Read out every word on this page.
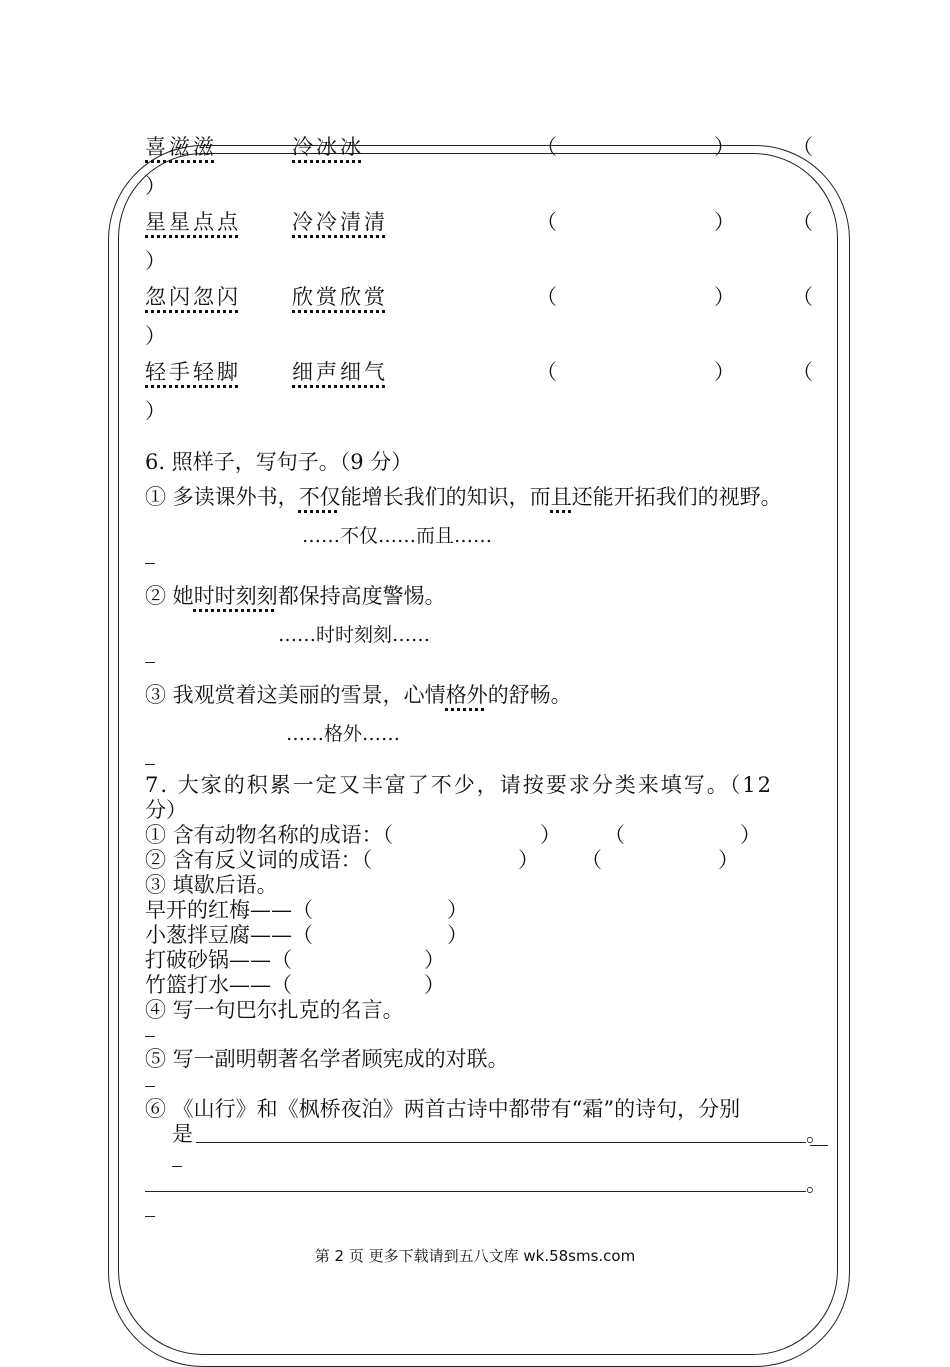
喜滋滋	冷冰冰	（	）	（
）
星星点点 冷冷清清	（	）	（
）
忽闪忽闪 欣赏欣赏	（	）	（
）
轻手轻脚 细声细气	（	）	（
）
6. 照样子，写句子。（9 分）
① 多读课外书，不仅能增长我们的知识，而且还能开拓我们的视野。
……不仅……而且……
② 她时时刻刻都保持高度警惕。
……时时刻刻……
③ 我观赏着这美丽的雪景，心情格外的舒畅。
……格外……
7. 大家的积累一定又丰富了不少，请按要求分类来填写。（12
分）
① 含有动物名称的成语：（	） （	）
② 含有反义词的成语：（	） （	）
③ 填歇后语。
早开的红梅——（	）
小葱拌豆腐——（	）
打破砂锅——（	）
竹篮打水——（	）
④ 写一句巴尔扎克的名言。
⑤ 写一副明朝著名学者顾宪成的对联。
⑥ 《山行》和《枫桥夜泊》两首古诗中都带有“霜”的诗句，分别
是	。
。
第 2 页 更多下载请到五八文库 wk.58sms.com
